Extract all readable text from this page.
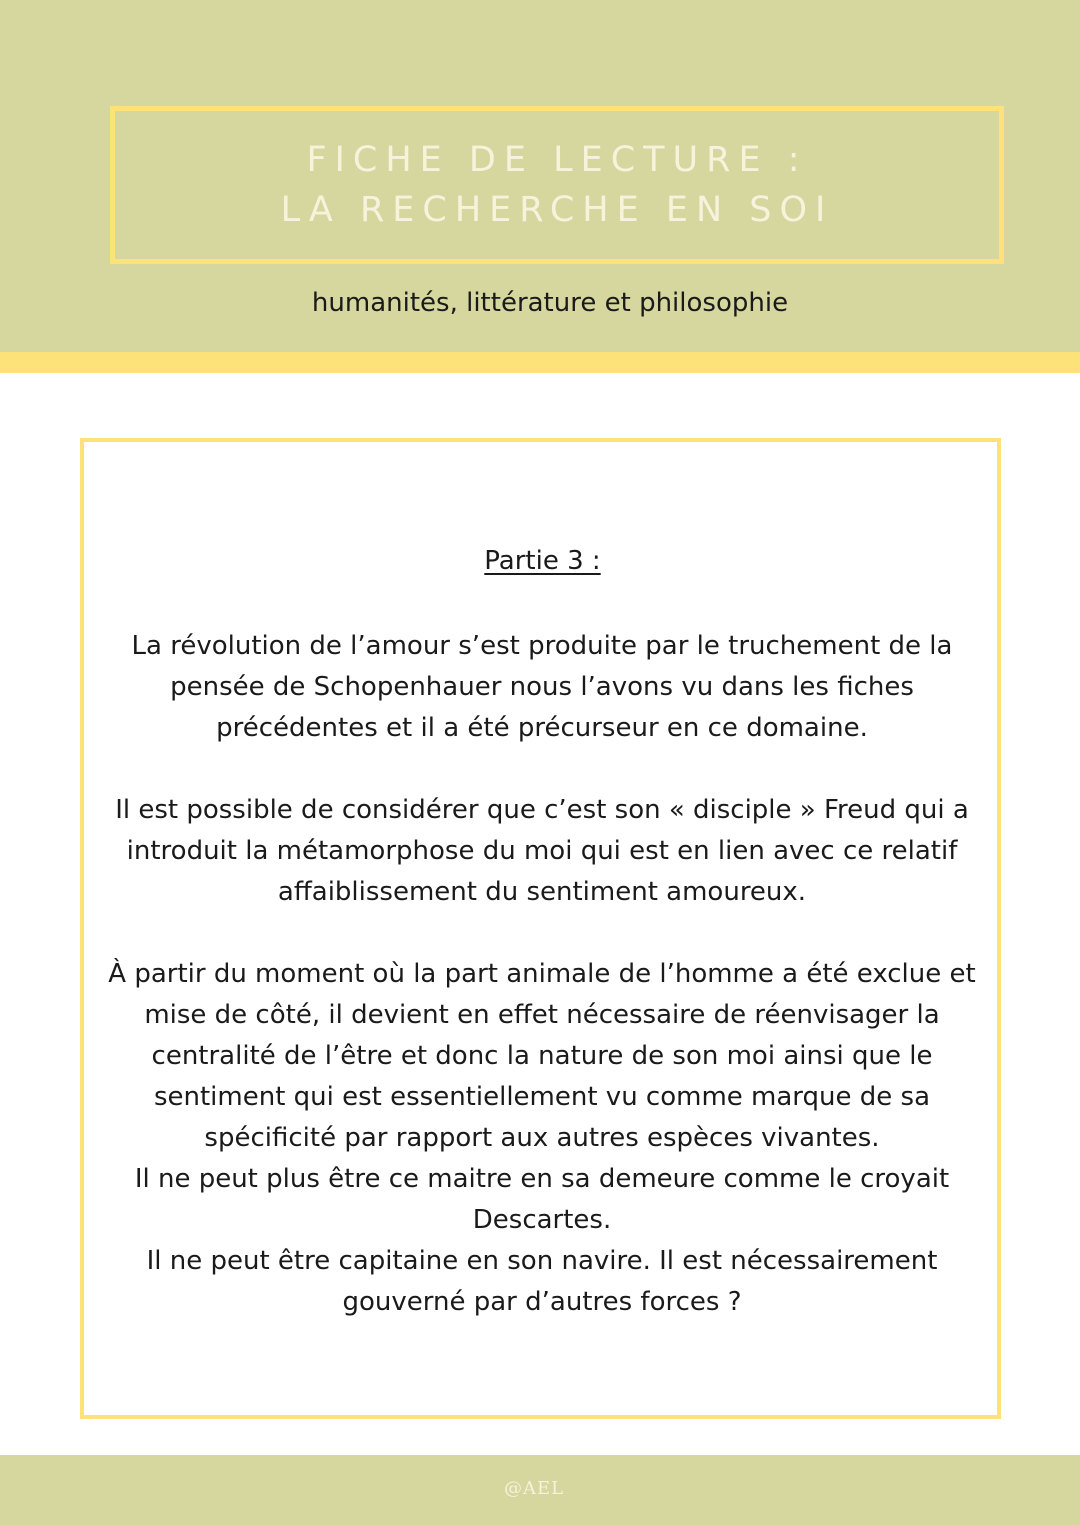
FICHE DE LECTURE :
LA RECHERCHE EN SOI
humanités, littérature et philosophie
Partie 3 :
La révolution de l’amour s’est produite par le truchement de la pensée de Schopenhauer nous l’avons vu dans les fiches précédentes et il a été précurseur en ce domaine.
Il est possible de considérer que c’est son « disciple » Freud qui a introduit la métamorphose du moi qui est en lien avec ce relatif affaiblissement du sentiment amoureux.
À partir du moment où la part animale de l’homme a été exclue et mise de côté, il devient en effet nécessaire de réenvisager la centralité de l’être et donc la nature de son moi ainsi que le sentiment qui est essentiellement vu comme marque de sa spécificité par rapport aux autres espèces vivantes.
Il ne peut plus être ce maitre en sa demeure comme le croyait Descartes.
Il ne peut être capitaine en son navire. Il est nécessairement gouverné par d’autres forces ?
@AEL
